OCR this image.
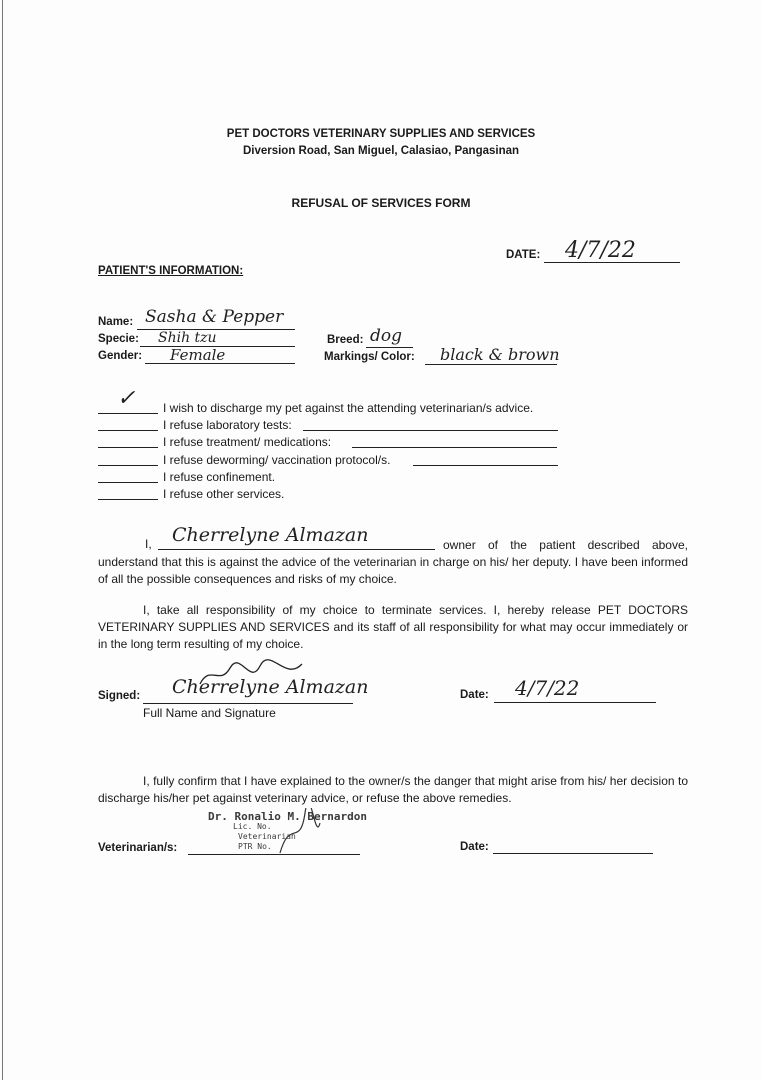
PET DOCTORS VETERINARY SUPPLIES AND SERVICES
Diversion Road, San Miguel, Calasiao, Pangasinan
REFUSAL OF SERVICES FORM
DATE: 4/7/22
PATIENT'S INFORMATION:
Name: Sasha & Pepper
Specie: Shih tzu
Gender: Female
Breed: dog
Markings/ Color: black & brown
✓ I wish to discharge my pet against the attending veterinarian/s advice.
I refuse laboratory tests:
I refuse treatment/ medications:
I refuse deworming/ vaccination protocol/s.
I refuse confinement.
I refuse other services.
I, Cherrelyne Almazan	owner of the patient described above, understand that this is against the advice of the veterinarian in charge on his/ her deputy. I have been informed of all the possible consequences and risks of my choice.
I, take all responsibility of my choice to terminate services. I, hereby release PET DOCTORS VETERINARY SUPPLIES AND SERVICES and its staff of all responsibility for what may occur immediately or in the long term resulting of my choice.
Signed: Cherrelyne Almazan
Full Name and Signature
Date: 4/7/22
I, fully confirm that I have explained to the owner/s the danger that might arise from his/ her decision to discharge his/her pet against veterinary advice, or refuse the above remedies.
Veterinarian/s:
Dr. Ronalio M. Bernardon
Lic. No.
Veterinarian
PTR No.	Date:
